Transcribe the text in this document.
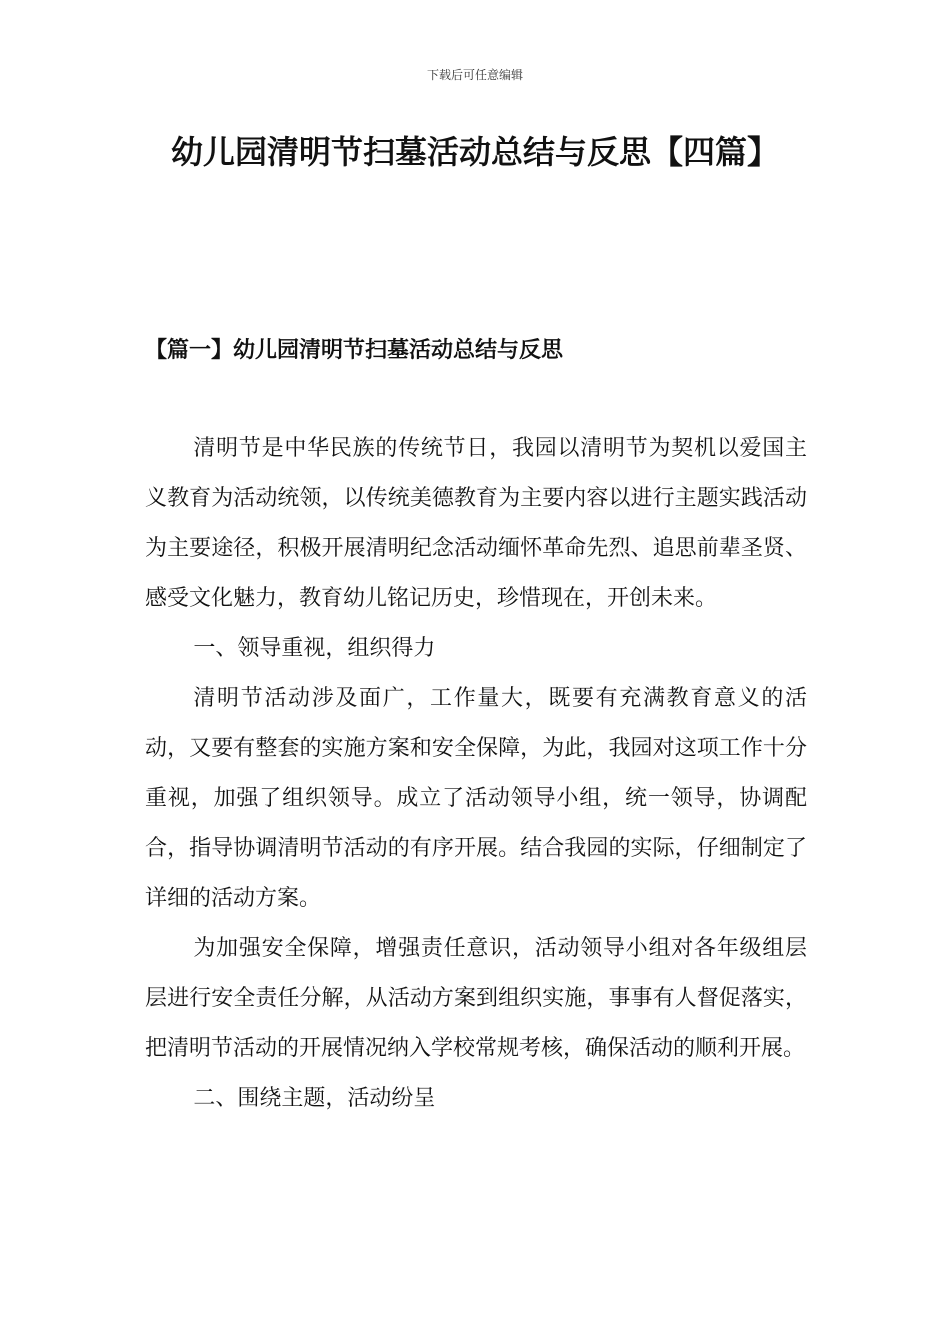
下载后可任意编辑
幼儿园清明节扫墓活动总结与反思【四篇】
【篇一】幼儿园清明节扫墓活动总结与反思

清明节是中华民族的传统节日，我园以清明节为契机以爱国主义教育为活动统领，以传统美德教育为主要内容以进行主题实践活动为主要途径，积极开展清明纪念活动缅怀革命先烈、追思前辈圣贤、感受文化魅力，教育幼儿铭记历史，珍惜现在，开创未来。

一、领导重视，组织得力

清明节活动涉及面广，工作量大，既要有充满教育意义的活动，又要有整套的实施方案和安全保障，为此，我园对这项工作十分重视，加强了组织领导。成立了活动领导小组，统一领导，协调配合，指导协调清明节活动的有序开展。结合我园的实际，仔细制定了详细的活动方案。

为加强安全保障，增强责任意识，活动领导小组对各年级组层层进行安全责任分解，从活动方案到组织实施，事事有人督促落实，把清明节活动的开展情况纳入学校常规考核，确保活动的顺利开展。

二、围绕主题，活动纷呈
